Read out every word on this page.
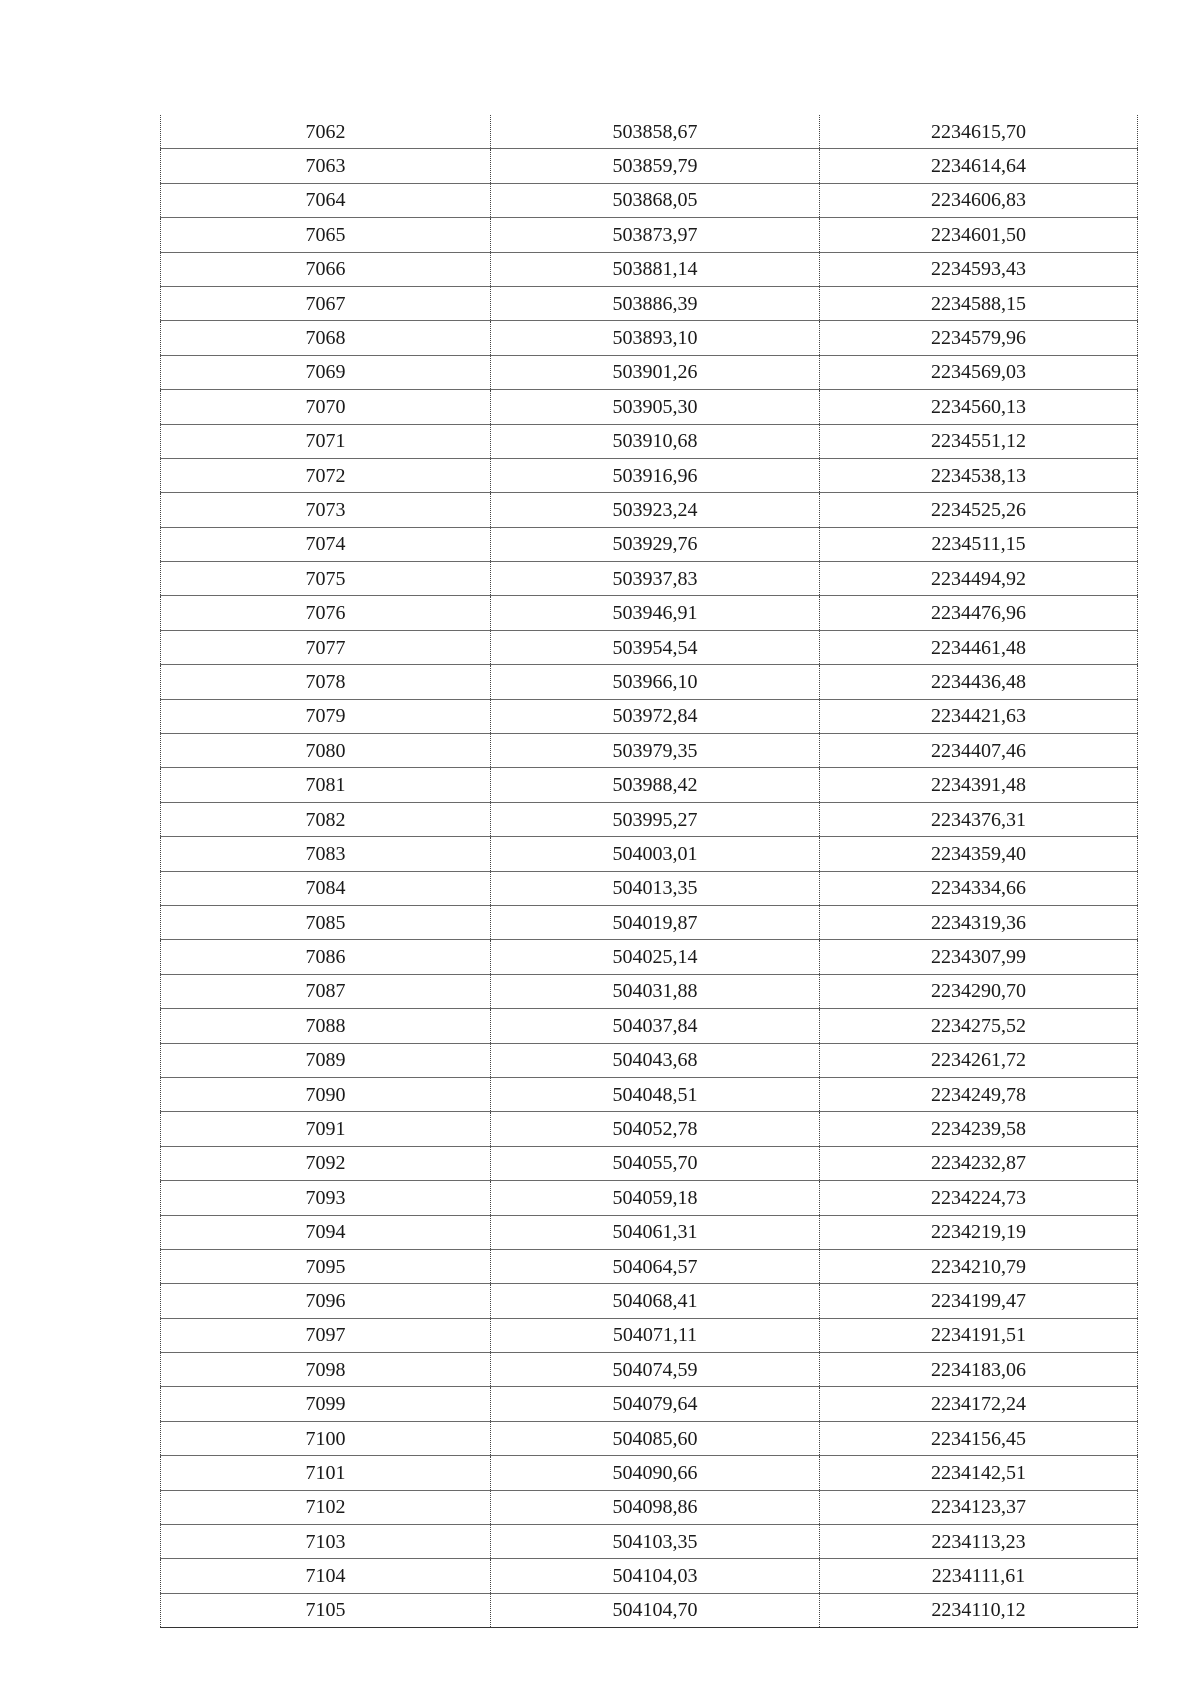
7062	503858,67	2234615,70
7063	503859,79	2234614,64
7064	503868,05	2234606,83
7065	503873,97	2234601,50
7066	503881,14	2234593,43
7067	503886,39	2234588,15
7068	503893,10	2234579,96
7069	503901,26	2234569,03
7070	503905,30	2234560,13
7071	503910,68	2234551,12
7072	503916,96	2234538,13
7073	503923,24	2234525,26
7074	503929,76	2234511,15
7075	503937,83	2234494,92
7076	503946,91	2234476,96
7077	503954,54	2234461,48
7078	503966,10	2234436,48
7079	503972,84	2234421,63
7080	503979,35	2234407,46
7081	503988,42	2234391,48
7082	503995,27	2234376,31
7083	504003,01	2234359,40
7084	504013,35	2234334,66
7085	504019,87	2234319,36
7086	504025,14	2234307,99
7087	504031,88	2234290,70
7088	504037,84	2234275,52
7089	504043,68	2234261,72
7090	504048,51	2234249,78
7091	504052,78	2234239,58
7092	504055,70	2234232,87
7093	504059,18	2234224,73
7094	504061,31	2234219,19
7095	504064,57	2234210,79
7096	504068,41	2234199,47
7097	504071,11	2234191,51
7098	504074,59	2234183,06
7099	504079,64	2234172,24
7100	504085,60	2234156,45
7101	504090,66	2234142,51
7102	504098,86	2234123,37
7103	504103,35	2234113,23
7104	504104,03	2234111,61
7105	504104,70	2234110,12
